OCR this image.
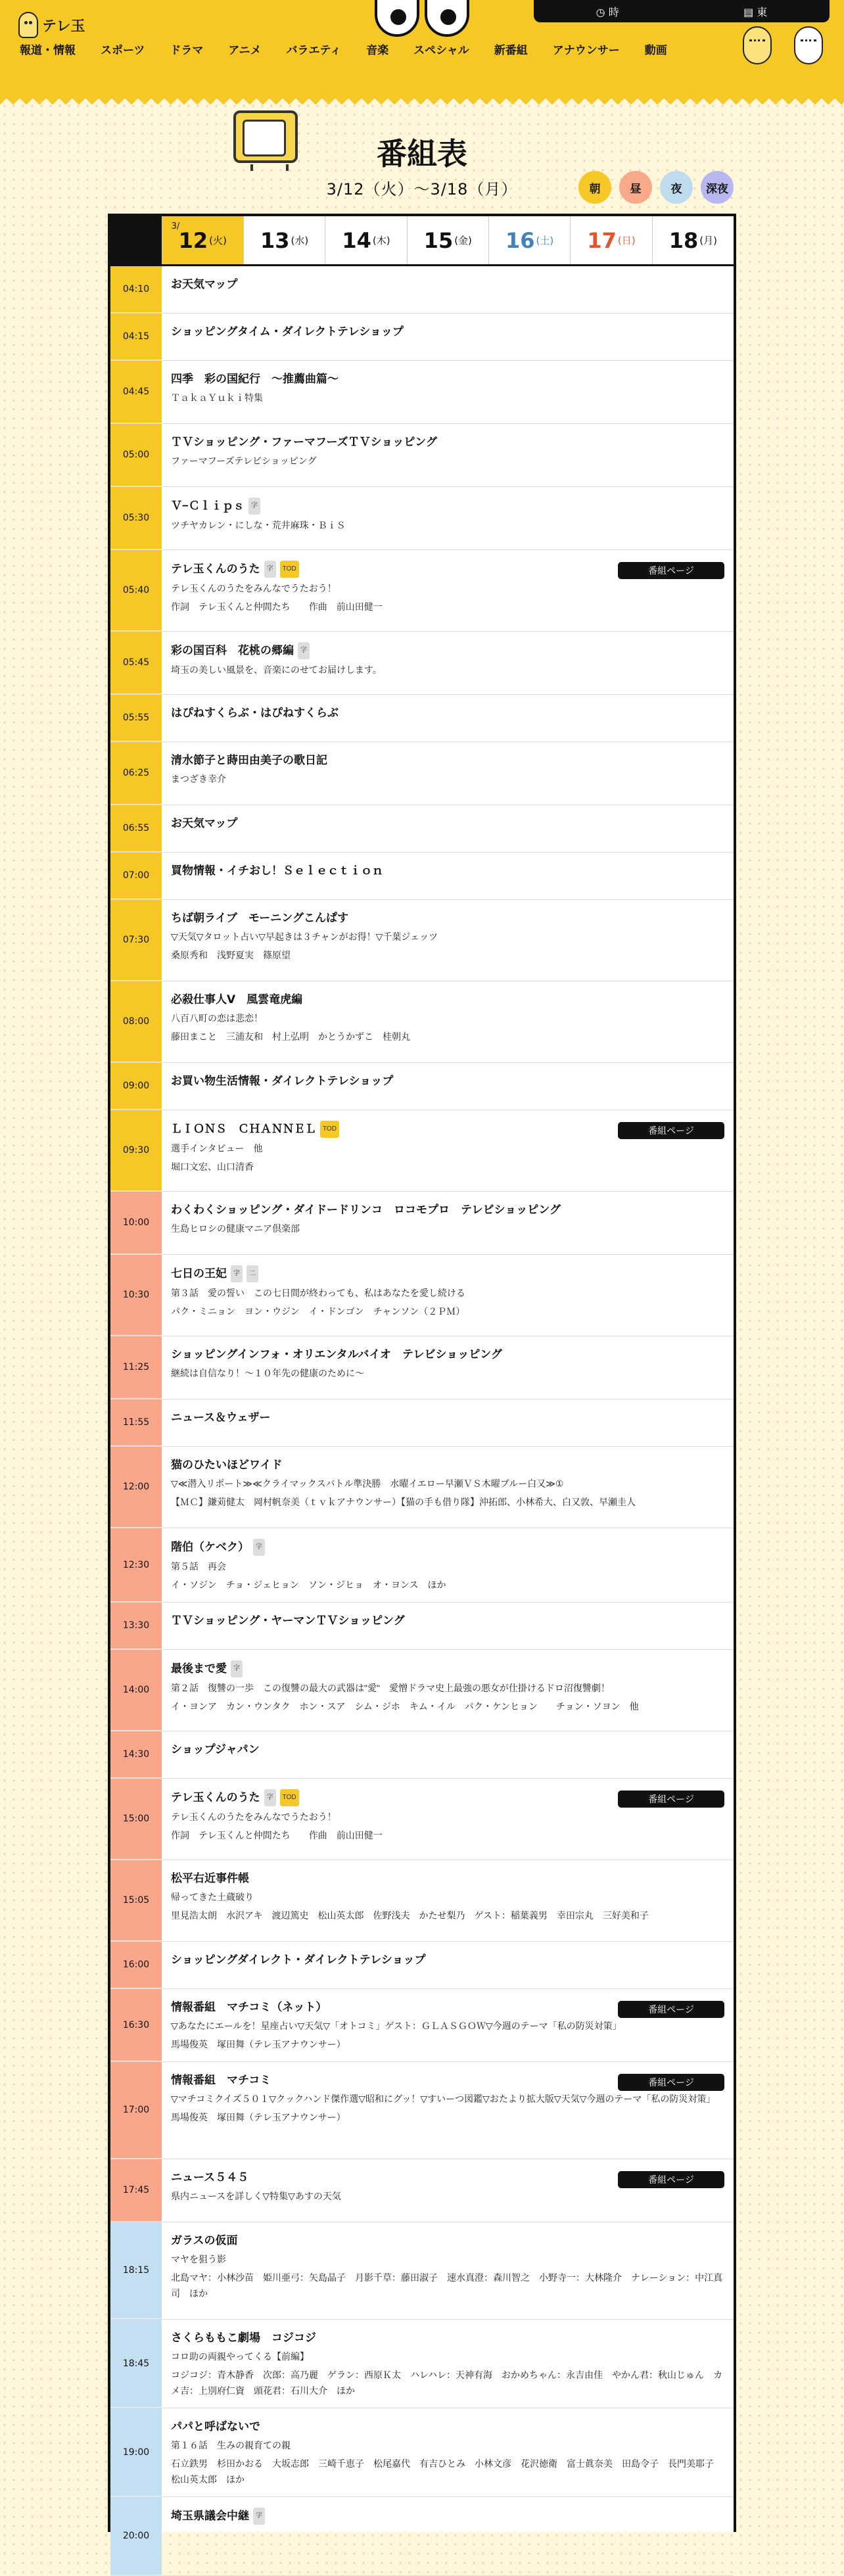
テレ玉
◷ 時	▤ 東
報道・情報 スポーツ ドラマ アニメ バラエティ 音楽 スペシャル 新番組 アナウンサー 動画
番組表
3/12（火）〜3/18（月）	朝	昼	夜	深夜
3/
12 (火) 13 (水) 14 (木) 15 (金) 16 (土) 17 (日) 18 (月)
04:10	お天気マップ
04:15	ショッピングタイム・ダイレクトテレショップ
04:45
四季　彩の国紀行　〜推薦曲篇〜
ＴａｋａＹｕｋｉ特集
05:00
ＴＶショッピング・ファーマフーズＴＶショッピング
ファーマフーズテレビショッピング
05:30
Ｖ−Ｃｌｉｐｓ	字
ツチヤカレン・にしな・荒井麻珠・ＢｉＳ
05:40
テレ玉くんのうた	字	TOD
テレ玉くんのうたをみんなでうたおう！
作詞　テレ玉くんと仲間たち　　作曲　前山田健一
番組ページ
05:45
彩の国百科　花桃の郷編	字
埼玉の美しい風景を、音楽にのせてお届けします。
05:55	はぴねすくらぶ・はぴねすくらぶ
06:25
清水節子と蒔田由美子の歌日記
まつざき幸介
06:55	お天気マップ
07:00	買物情報・イチおし！Ｓｅｌｅｃｔｉｏｎ
07:30
ちば朝ライブ　モーニングこんぱす
▽天気▽タロット占い▽早起きは３チャンがお得！▽千葉ジェッツ
桑原秀和　浅野夏実　篠原望
08:00
必殺仕事人Ⅴ　風雲竜虎編
八百八町の恋は悲恋！
藤田まこと　三浦友和　村上弘明　かとうかずこ　桂朝丸
09:00	お買い物生活情報・ダイレクトテレショップ
09:30
ＬＩＯＮＳ　ＣＨＡＮＮＥＬ	TOD
選手インタビュー　他
堀口文宏、山口清香
番組ページ
10:00
わくわくショッピング・ダイドードリンコ　ロコモプロ　テレビショッピング
生島ヒロシの健康マニア倶楽部
10:30
七日の王妃	字	二
第３話　愛の誓い　この七日間が終わっても、私はあなたを愛し続ける
パク・ミニョン　ヨン・ウジン　イ・ドンゴン　チャンソン（２ＰＭ）
11:25
ショッピングインフォ・オリエンタルバイオ　テレビショッピング
継続は自信なり！〜１０年先の健康のために〜
11:55	ニュース＆ウェザー
12:00
猫のひたいほどワイド
▽≪潜入リポート≫≪クライマックスバトル準決勝　水曜イエロー早瀬ＶＳ木曜ブルー白又≫①
【ＭＣ】鎌苅健太　岡村帆奈美（ｔｖｋアナウンサー）【猫の手も借り隊】沖拓郎、小林希大、白又敦、早瀬圭人
12:30
階伯（ケベク）	字
第５話　再会
イ・ソジン　チョ・ジェヒョン　ソン・ジヒョ　オ・ヨンス　ほか
13:30	ＴＶショッピング・ヤーマンＴＶショッピング
14:00
最後まで愛	字
第２話　復讐の一歩　この復讐の最大の武器は"愛"　愛憎ドラマ史上最強の悪女が仕掛けるドロ沼復讐劇！
イ・ヨンア　カン・ウンタク　ホン・スア　シム・ジホ　キム・イル　パク・ケンヒョン　　チョン・ソヨン　他
14:30	ショップジャパン
15:00
テレ玉くんのうた	字	TOD
テレ玉くんのうたをみんなでうたおう！
作詞　テレ玉くんと仲間たち　　作曲　前山田健一
番組ページ
15:05
松平右近事件帳
帰ってきた土蔵破り
里見浩太朗　水沢アキ　渡辺篤史　松山英太郎　佐野浅夫　かたせ梨乃　ゲスト：稲葉義男　幸田宗丸　三好美和子
16:00	ショッピングダイレクト・ダイレクトテレショップ
16:30
情報番組　マチコミ（ネット）
▽あなたにエールを！星座占い▽天気▽「オトコミ」ゲスト：ＧＬＡＳＧＯＷ▽今週のテーマ「私の防災対策」
馬場俊英　塚田舞（テレ玉アナウンサー）
番組ページ
17:00
情報番組　マチコミ
▽マチコミクイズ５０１▽クックハンド傑作選▽昭和にグッ！▽すいーつ図鑑▽おたより拡大版▽天気▽今週のテーマ「私の防災対策」
馬場俊英　塚田舞（テレ玉アナウンサー）
番組ページ
17:45
ニュース５４５
県内ニュースを詳しく▽特集▽あすの天気
番組ページ
18:15
ガラスの仮面
マヤを狙う影
北島マヤ：小林沙苗　姫川亜弓：矢島晶子　月影千草：藤田淑子　速水真澄：森川智之　小野寺一：大林隆介　ナレーション：中江真司　ほか
18:45
さくらももこ劇場　コジコジ
コロ助の両親やってくる【前編】
コジコジ：青木静香　次郎：高乃麗　ゲラン：西原Ｋ太　ハレハレ：天神有海　おかめちゃん：永吉由佳　やかん君：秋山じゅん　カメ吉：上別府仁資　頭花君：石川大介　ほか
19:00
パパと呼ばないで
第１６話　生みの親育ての親
石立鉄男　杉田かおる　大坂志郎　三崎千恵子　松尾嘉代　有吉ひとみ　小林文彦　花沢徳衛　富士眞奈美　田島令子　長門美耶子　松山英太郎　ほか
20:00
埼玉県議会中継	字
